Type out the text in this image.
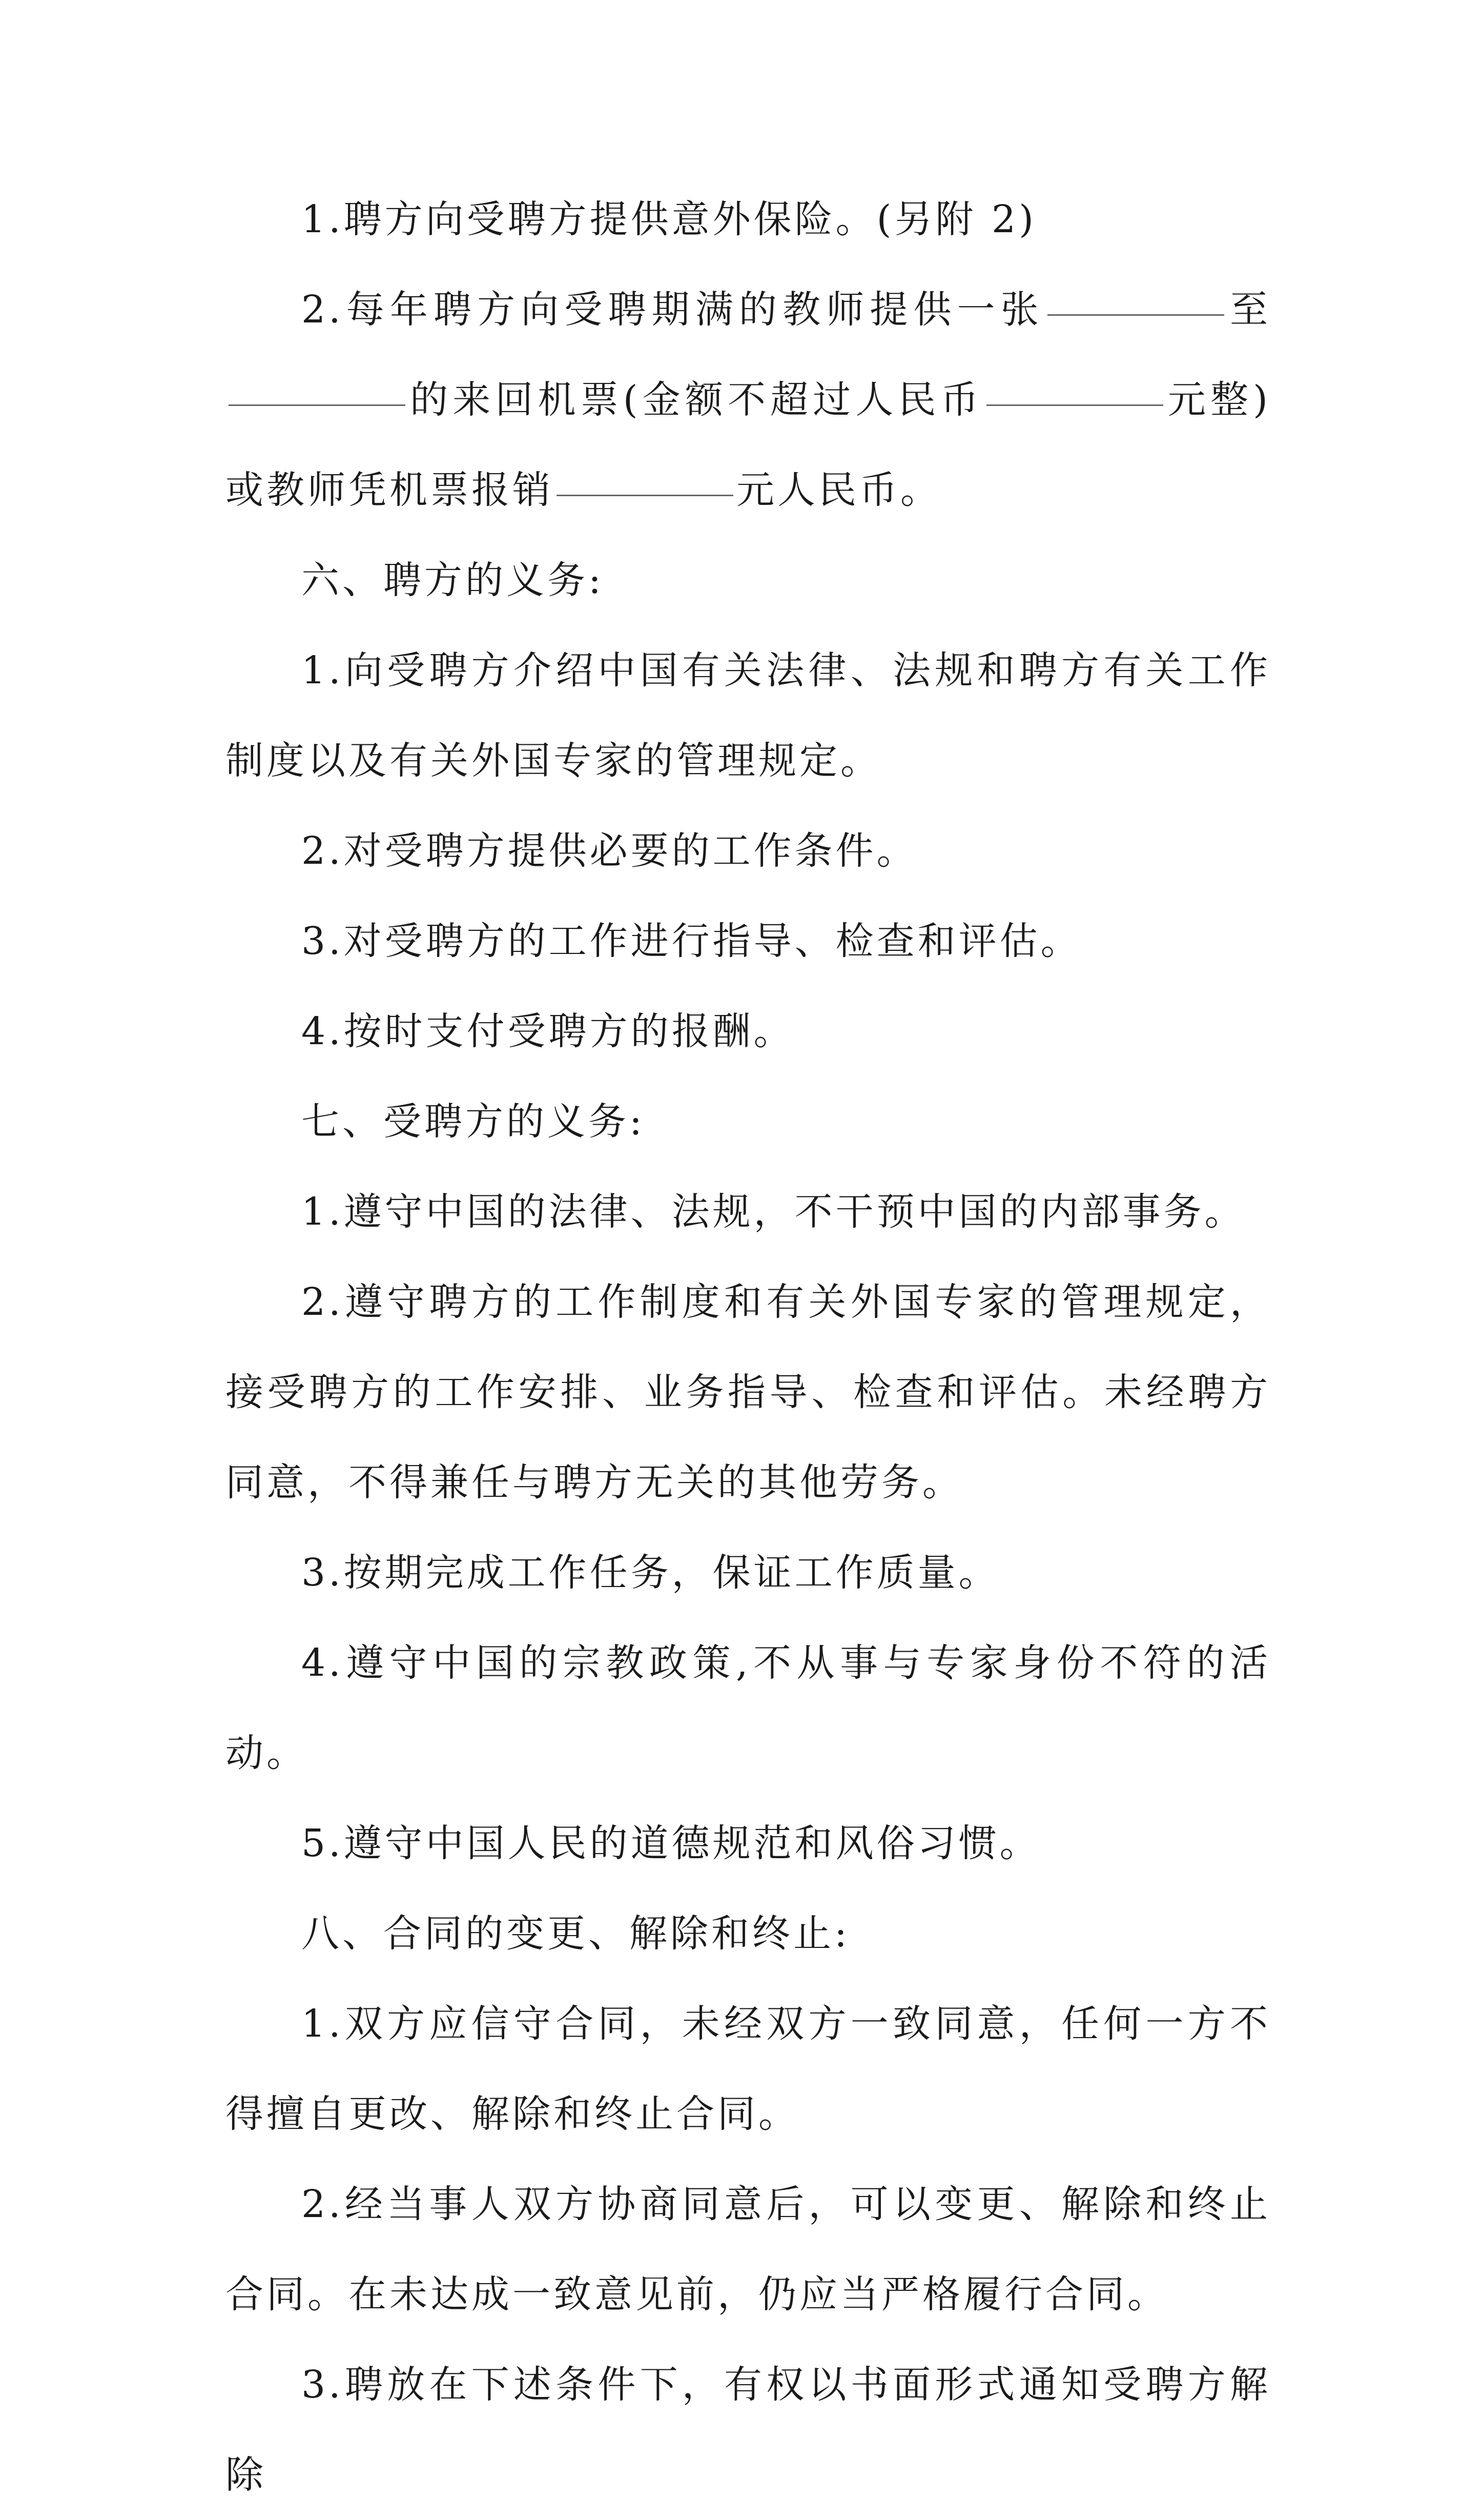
1.聘方向受聘方提供意外保险。(另附 2)

2.每年聘方向受聘期满的教师提供一张	至的来回机票(金额不超过人民币	元整)或教师凭机票报销	元人民币。

六、聘方的义务:

1.向受聘方介绍中国有关法律、法规和聘方有关工作制度以及有关外国专家的管理规定。

2.对受聘方提供必要的工作条件。

3.对受聘方的工作进行指导、检查和评估。

4.按时支付受聘方的报酬。

七、受聘方的义务:

1.遵守中国的法律、法规，不干预中国的内部事务。

2.遵守聘方的工作制度和有关外国专家的管理规定，接受聘方的工作安排、业务指导、检查和评估。未经聘方同意，不得兼任与聘方无关的其他劳务。

3.按期完成工作任务，保证工作质量。

4.遵守中国的宗教政策,不从事与专家身份不符的活动。

5.遵守中国人民的道德规范和风俗习惯。

八、合同的变更、解除和终止:

1.双方应信守合同，未经双方一致同意，任何一方不得擅自更改、解除和终止合同。

2.经当事人双方协商同意后，可以变更、解除和终止合同。在未达成一致意见前，仍应当严格履行合同。

3.聘放在下述条件下，有权以书面形式通知受聘方解除
